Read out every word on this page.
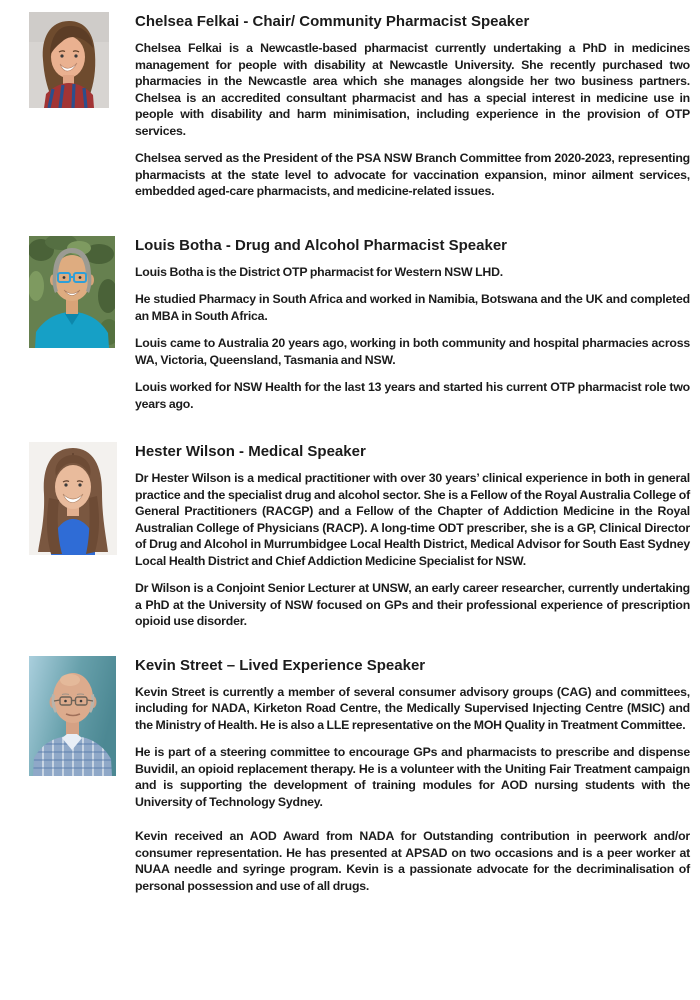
Chelsea Felkai - Chair/ Community Pharmacist Speaker

Chelsea Felkai is a Newcastle-based pharmacist currently undertaking a PhD in medicines management for people with disability at Newcastle University. She recently purchased two pharmacies in the Newcastle area which she manages alongside her two business partners. Chelsea is an accredited consultant pharmacist and has a special interest in medicine use in people with disability and harm minimisation, including experience in the provision of OTP services.

Chelsea served as the President of the PSA NSW Branch Committee from 2020-2023, representing pharmacists at the state level to advocate for vaccination expansion, minor ailment services, embedded aged-care pharmacists, and medicine-related issues.

Louis Botha - Drug and Alcohol Pharmacist Speaker

Louis Botha is the District OTP pharmacist for Western NSW LHD.

He studied Pharmacy in South Africa and worked in Namibia, Botswana and the UK and completed an MBA in South Africa.

Louis came to Australia 20 years ago, working in both community and hospital pharmacies across WA, Victoria, Queensland, Tasmania and NSW.

Louis worked for NSW Health for the last 13 years and started his current OTP pharmacist role two years ago.

Hester Wilson - Medical Speaker

Dr Hester Wilson is a medical practitioner with over 30 years’ clinical experience in both in general practice and the specialist drug and alcohol sector. She is a Fellow of the Royal Australia College of General Practitioners (RACGP) and a Fellow of the Chapter of Addiction Medicine in the Royal Australian College of Physicians (RACP). A long-time ODT prescriber, she is a GP, Clinical Director of Drug and Alcohol in Murrumbidgee Local Health District, Medical Advisor for South East Sydney Local Health District and Chief Addiction Medicine Specialist for NSW.

Dr Wilson is a Conjoint Senior Lecturer at UNSW, an early career researcher, currently undertaking a PhD at the University of NSW focused on GPs and their professional experience of prescription opioid use disorder.

Kevin Street – Lived Experience Speaker

Kevin Street is currently a member of several consumer advisory groups (CAG) and committees, including for NADA, Kirketon Road Centre, the Medically Supervised Injecting Centre (MSIC) and the Ministry of Health. He is also a LLE representative on the MOH Quality in Treatment Committee.

He is part of a steering committee to encourage GPs and pharmacists to prescribe and dispense Buvidil, an opioid replacement therapy. He is a volunteer with the Uniting Fair Treatment campaign and is supporting the development of training modules for AOD nursing students with the University of Technology Sydney.

Kevin received an AOD Award from NADA for Outstanding contribution in peerwork and/or consumer representation. He has presented at APSAD on two occasions and is a peer worker at NUAA needle and syringe program. Kevin is a passionate advocate for the decriminalisation of personal possession and use of all drugs.
